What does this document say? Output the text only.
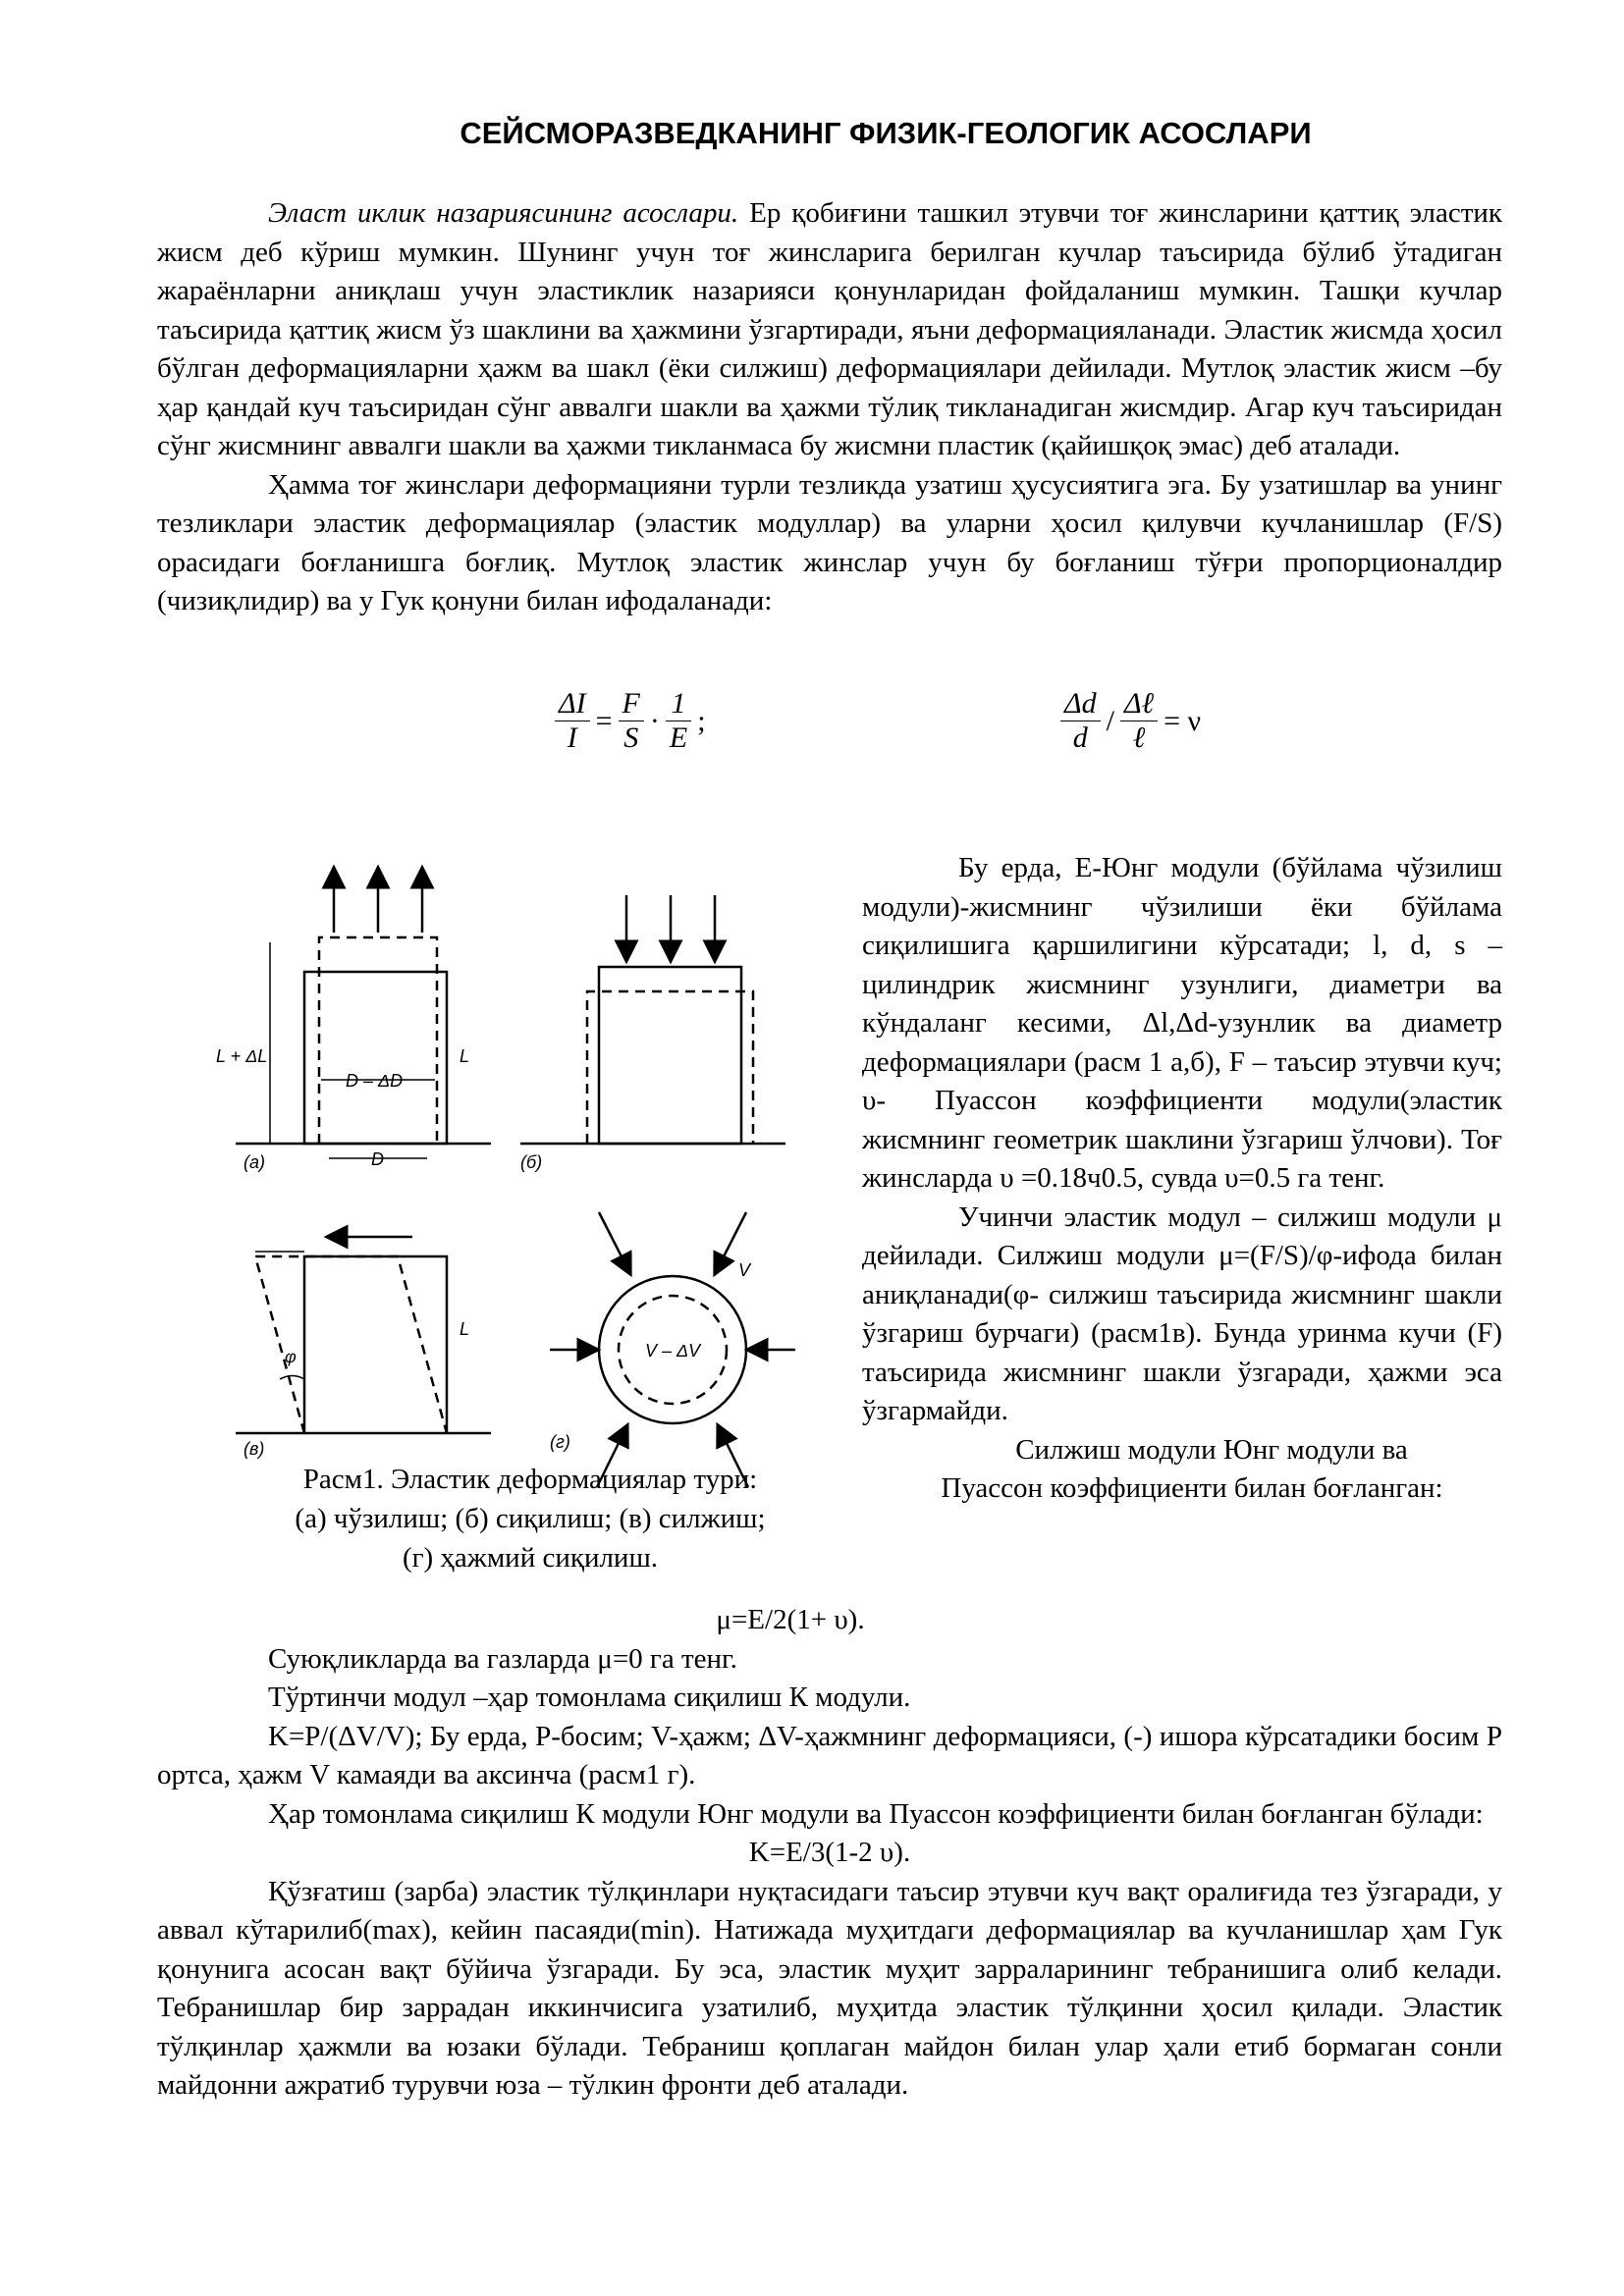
СЕЙСМОРАЗВЕДКАНИНГ ФИЗИК-ГЕОЛОГИК АСОСЛАРИ

Эласт иклик назариясининг асослари. Ер қобиғини ташкил этувчи тоғ жинсларини қаттиқ эластик жисм деб кўриш мумкин. Шунинг учун тоғ жинсларига берилган кучлар таъсирида бўлиб ўтадиган жараёнларни аниқлаш учун эластиклик назарияси қонунларидан фойдаланиш мумкин. Ташқи кучлар таъсирида қаттиқ жисм ўз шаклини ва ҳажмини ўзгартиради, яъни деформацияланади. Эластик жисмда ҳосил бўлган деформацияларни ҳажм ва шакл (ёки силжиш) деформациялари дейилади. Мутлоқ эластик жисм –бу ҳар қандай куч таъсиридан сўнг аввалги шакли ва ҳажми тўлиқ тикланадиган жисмдир. Агар куч таъсиридан сўнг жисмнинг аввалги шакли ва ҳажми тикланмаса бу жисмни пластик (қайишқоқ эмас) деб аталади.

Ҳамма тоғ жинслари деформацияни турли тезликда узатиш ҳусусиятига эга. Бу узатишлар ва унинг тезликлари эластик деформациялар (эластик модуллар) ва уларни ҳосил қилувчи кучланишлар (F/S) орасидаги боғланишга боғлиқ. Мутлоқ эластик жинслар учун бу боғланиш тўғри пропорционалдир (чизиқлидир) ва у Гук қонуни билан ифодаланади:

$\frac{\Delta I}{I} = \frac{F}{S} \cdot \frac{1}{E}$ ;	$\frac{\Delta d}{d} / \frac{\text{Δℓ}}{\text{ℓ}} = \nu$
(а)	(б)
(в)	(г)
L + ΔL	L
D – ΔD
D
L
φ
V
V – ΔV
Расм1. Эластик деформациялар тури:
(а) чўзилиш; (б) сиқилиш; (в) силжиш;
(г) ҳажмий сиқилиш.

Бу ерда, Е-Юнг модули (бўйлама чўзилиш модули)-жисмнинг чўзилиши ёки бўйлама сиқилишига қаршилигини кўрсатади; l, d, s – цилиндрик жисмнинг узунлиги, диаметри ва кўндаланг кесими, Δl,Δd-узунлик ва диаметр деформациялари (расм 1 а,б), F – таъсир этувчи куч; υ- Пуассон коэффициенти модули(эластик жисмнинг геометрик шаклини ўзгариш ўлчови). Тоғ жинсларда υ =0.18ч0.5, сувда υ=0.5 га тенг.

Учинчи эластик модул – силжиш модули μ дейилади. Силжиш модули μ=(F/S)/φ-ифода билан аниқланади(φ- силжиш таъсирида жисмнинг шакли ўзгариш бурчаги) (расм1в). Бунда уринма кучи (F) таъсирида жисмнинг шакли ўзгаради, ҳажми эса ўзгармайди.

Силжиш модули Юнг модули ва

Пуассон коэффициенти билан боғланган:

μ=E/2(1+ υ).

Суюқликларда ва газларда μ=0 га тенг.

Тўртинчи модул –ҳар томонлама сиқилиш К модули.

K=P/(ΔV/V); Бу ерда, Р-босим; V-ҳажм; ΔV-ҳажмнинг деформацияси, (-) ишора кўрсатадики босим Р ортса, ҳажм V камаяди ва аксинча (расм1 г).

Ҳар томонлама сиқилиш К модули Юнг модули ва Пуассон коэффициенти билан боғланган бўлади:

K=E/3(1-2 υ).

Қўзғатиш (зарба) эластик тўлқинлари нуқтасидаги таъсир этувчи куч вақт оралиғида тез ўзгаради, у аввал кўтарилиб(max), кейин пасаяди(min). Натижада муҳитдаги деформациялар ва кучланишлар ҳам Гук қонунига асосан вақт бўйича ўзгаради. Бу эса, эластик муҳит зарраларининг тебранишига олиб келади. Тебранишлар бир заррадан иккинчисига узатилиб, муҳитда эластик тўлқинни ҳосил қилади. Эластик тўлқинлар ҳажмли ва юзаки бўлади. Тебраниш қоплаган майдон билан улар ҳали етиб бормаган сонли майдонни ажратиб турувчи юза – тўлкин фронти деб аталади.
